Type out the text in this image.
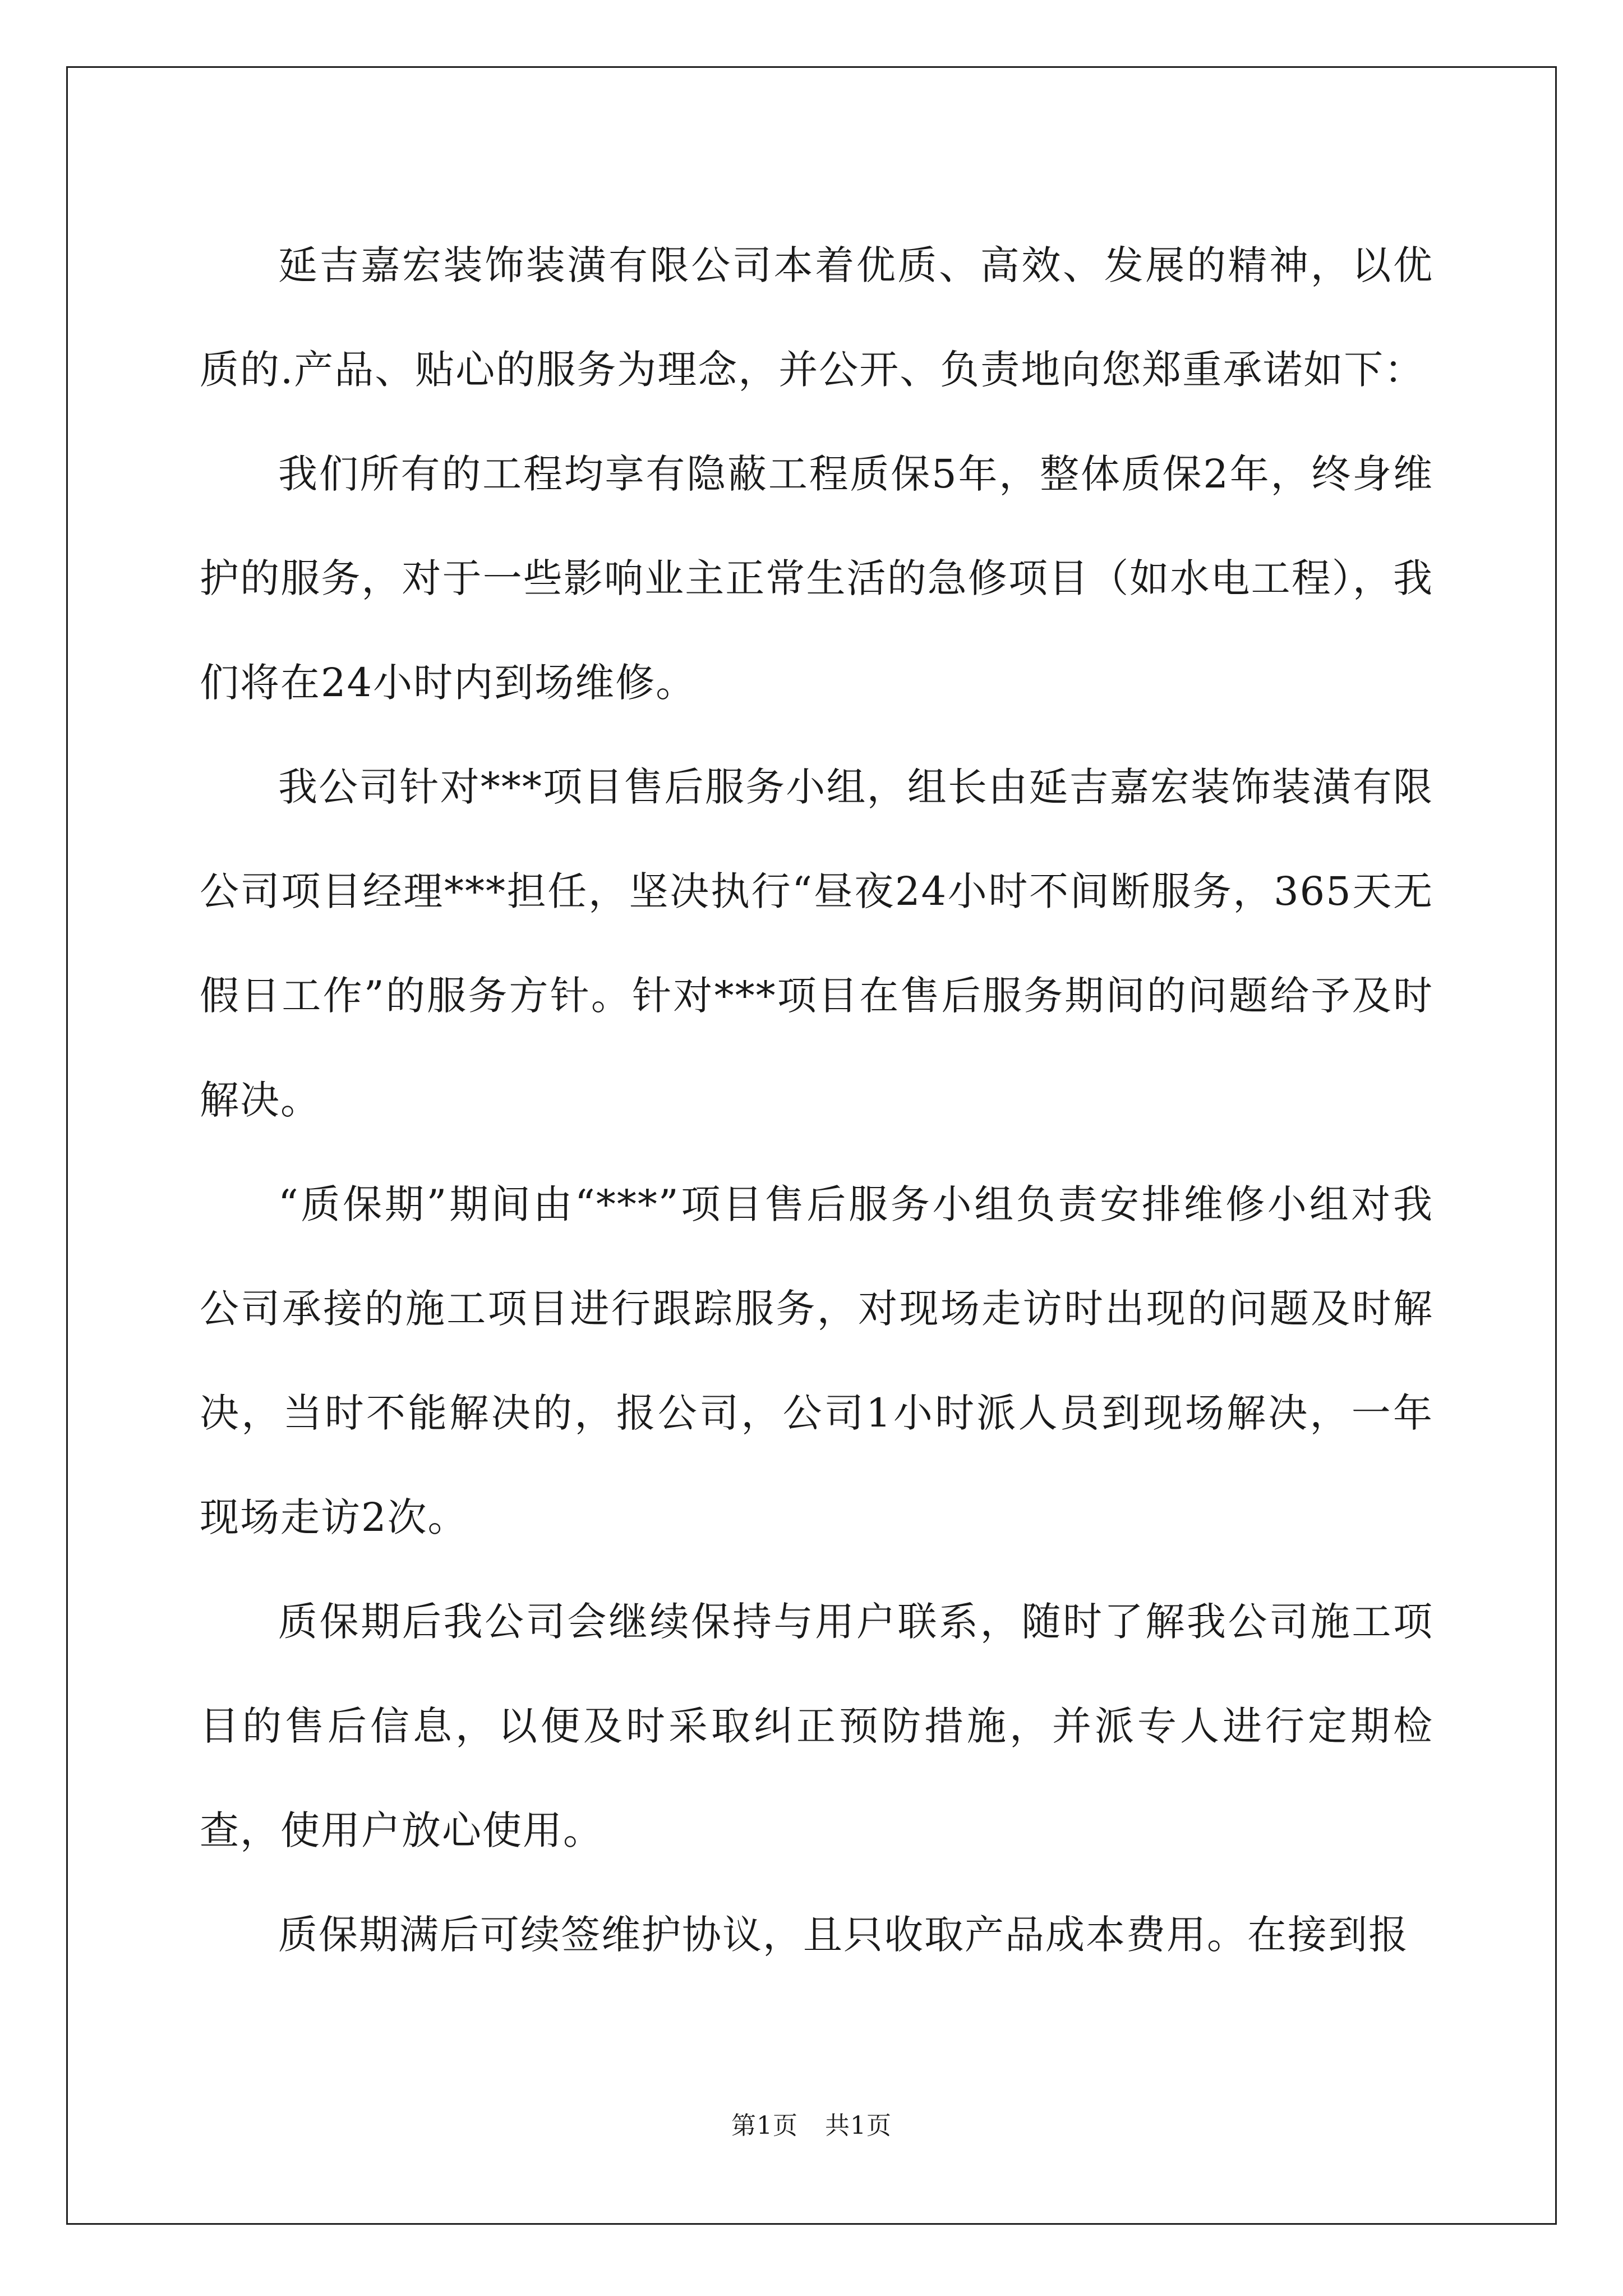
延吉嘉宏装饰装潢有限公司本着优质、高效、发展的精神，以优质的.产品、贴心的服务为理念，并公开、负责地向您郑重承诺如下：

我们所有的工程均享有隐蔽工程质保5年，整体质保2年，终身维护的服务，对于一些影响业主正常生活的急修项目（如水电工程），我们将在24小时内到场维修。

我公司针对***项目售后服务小组，组长由延吉嘉宏装饰装潢有限公司项目经理***担任，坚决执行“昼夜24小时不间断服务，365天无假日工作”的服务方针。针对***项目在售后服务期间的问题给予及时解决。

“质保期”期间由“***”项目售后服务小组负责安排维修小组对我公司承接的施工项目进行跟踪服务，对现场走访时出现的问题及时解决，当时不能解决的，报公司，公司1小时派人员到现场解决，一年现场走访2次。

质保期后我公司会继续保持与用户联系，随时了解我公司施工项目的售后信息，以便及时采取纠正预防措施，并派专人进行定期检查，使用户放心使用。

质保期满后可续签维护协议，且只收取产品成本费用。在接到报

第1页 共1页
